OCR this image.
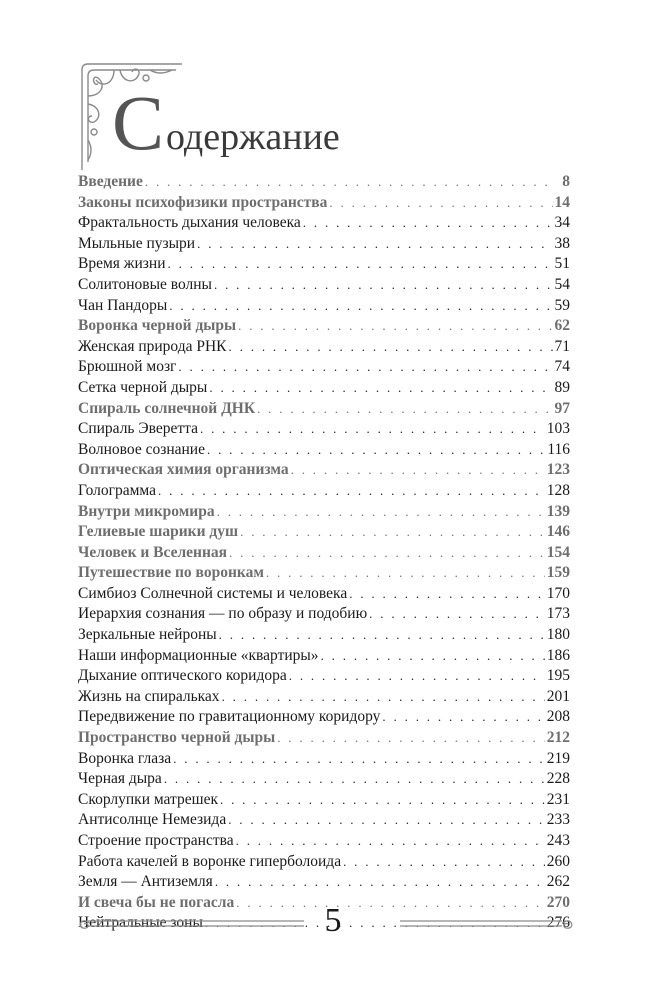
Содержание
Введение . . .	8
Законы психофизики пространства . . .	14
Фрактальность дыхания человека . . .	34
Мыльные пузыри . . .	38
Время жизни . . .	51
Солитоновые волны . . .	54
Чан Пандоры . . .	59
Воронка черной дыры . . .	62
Женская природа РНК . . .	71
Брюшной мозг . . .	74
Сетка черной дыры . . .	89
Спираль солнечной ДНК . . .	97
Спираль Эверетта . . .	103
Волновое сознание . . .	116
Оптическая химия организма . . .	123
Голограмма . . .	128
Внутри микромира . . .	139
Гелиевые шарики душ . . .	146
Человек и Вселенная . . .	154
Путешествие по воронкам . . .	159
Симбиоз Солнечной системы и человека . . .	170
Иерархия сознания — по образу и подобию . . .	173
Зеркальные нейроны . . .	180
Наши информационные «квартиры» . . .	186
Дыхание оптического коридора . . .	195
Жизнь на спиральках . . .	201
Передвижение по гравитационному коридору . . .	208
Пространство черной дыры . . .	212
Воронка глаза . . .	219
Черная дыра . . .	228
Скорлупки матрешек . . .	231
Антисолнце Немезида . . .	233
Строение пространства . . .	243
Работа качелей в воронке гиперболоида . . .	260
Земля — Антиземля . . .	262
И свеча бы не погасла . . .	270
Нейтральные зоны . . .	276
5
